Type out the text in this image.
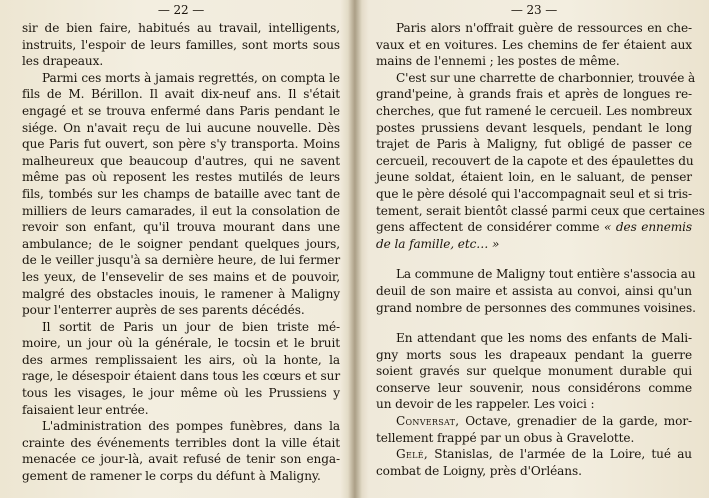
— 22 —
sir de bien faire, habitués au travail, intelligents,
instruits, l'espoir de leurs familles, sont morts sous
les drapeaux.
Parmi ces morts à jamais regrettés, on compta le
fils de M. Bérillon. Il avait dix-neuf ans. Il s'était
engagé et se trouva enfermé dans Paris pendant le
siége. On n'avait reçu de lui aucune nouvelle. Dès
que Paris fut ouvert, son père s'y transporta. Moins
malheureux que beaucoup d'autres, qui ne savent
même pas où reposent les restes mutilés de leurs
fils, tombés sur les champs de bataille avec tant de
milliers de leurs camarades, il eut la consolation de
revoir son enfant, qu'il trouva mourant dans une
ambulance; de le soigner pendant quelques jours,
de le veiller jusqu'à sa dernière heure, de lui fermer
les yeux, de l'ensevelir de ses mains et de pouvoir,
malgré des obstacles inouis, le ramener à Maligny
pour l'enterrer auprès de ses parents décédés.
Il sortit de Paris un jour de bien triste mé-
moire, un jour où la générale, le tocsin et le bruit
des armes remplissaient les airs, où la honte, la
rage, le désespoir étaient dans tous les cœurs et sur
tous les visages, le jour même où les Prussiens y
faisaient leur entrée.
L'administration des pompes funèbres, dans la
crainte des événements terribles dont la ville était
menacée ce jour-là, avait refusé de tenir son enga-
gement de ramener le corps du défunt à Maligny.
— 23 —
Paris alors n'offrait guère de ressources en che-
vaux et en voitures. Les chemins de fer étaient aux
mains de l'ennemi ; les postes de même.
C'est sur une charrette de charbonnier, trouvée à
grand'peine, à grands frais et après de longues re-
cherches, que fut ramené le cercueil. Les nombreux
postes prussiens devant lesquels, pendant le long
trajet de Paris à Maligny, fut obligé de passer ce
cercueil, recouvert de la capote et des épaulettes du
jeune soldat, étaient loin, en le saluant, de penser
que le père désolé qui l'accompagnait seul et si tris-
tement, serait bientôt classé parmi ceux que certaines
gens affectent de considérer comme « des ennemis
de la famille, etc… »
La commune de Maligny tout entière s'associa au
deuil de son maire et assista au convoi, ainsi qu'un
grand nombre de personnes des communes voisines.
En attendant que les noms des enfants de Mali-
gny morts sous les drapeaux pendant la guerre
soient gravés sur quelque monument durable qui
conserve leur souvenir, nous considérons comme
un devoir de les rappeler. Les voici :
Conversat, Octave, grenadier de la garde, mor-
tellement frappé par un obus à Gravelotte.
Gelé, Stanislas, de l'armée de la Loire, tué au
combat de Loigny, près d'Orléans.
